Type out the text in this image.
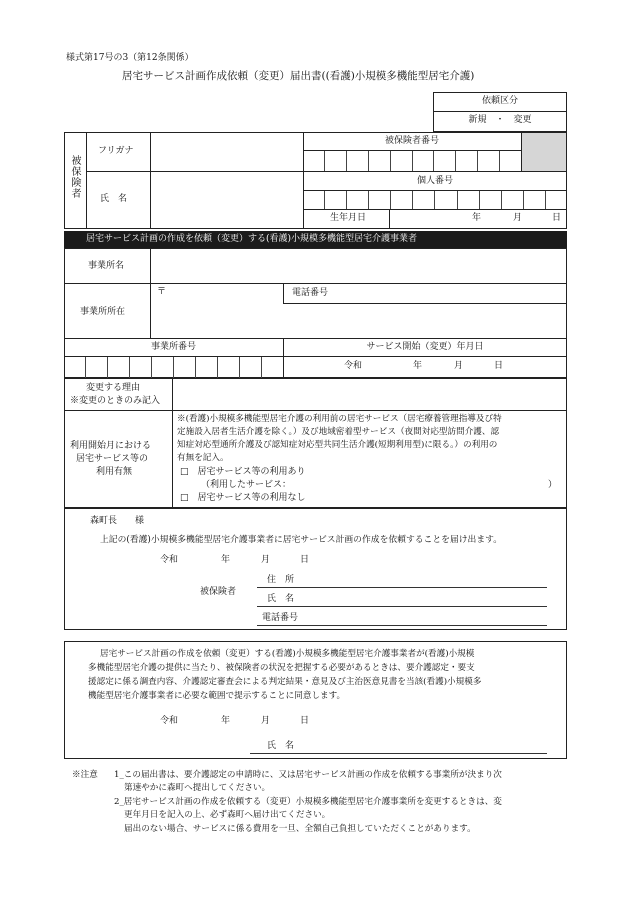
様式第17号の3（第12条関係）
居宅サービス計画作成依頼（変更）届出書((看護)小規模多機能型居宅介護)
依頼区分
新規　・　変更
被保険者
フリガナ
氏　名
被保険者番号
個人番号
生年月日	年	月	日
居宅サービス計画の作成を依頼（変更）する(看護)小規模多機能型居宅介護事業者
事業所名
事業所所在
〒	電話番号
事業所番号	サービス開始（変更）年月日
令和	年	月	日
変更する理由
※変更のときのみ記入
利用開始月における
居宅サービス等の
利用有無
※(看護)小規模多機能型居宅介護の利用前の居宅サービス（居宅療養管理指導及び特
定施設入居者生活介護を除く。）及び地域密着型サービス（夜間対応型訪問介護、認
知症対応型通所介護及び認知症対応型共同生活介護(短期利用型)に限る。）の利用の
有無を記入。
□　居宅サービス等の利用あり
（利用したサービス：	）
□　居宅サービス等の利用なし
森町長　　様
上記の(看護)小規模多機能型居宅介護事業者に居宅サービス計画の作成を依頼することを届け出ます。
令和	年	月	日
被保険者
住　所
氏　名
電話番号
居宅サービス計画の作成を依頼（変更）する(看護)小規模多機能型居宅介護事業者が(看護)小規模
多機能型居宅介護の提供に当たり、被保険者の状況を把握する必要があるときは、要介護認定・要支
援認定に係る調査内容、介護認定審査会による判定結果・意見及び主治医意見書を当該(看護)小規模多
機能型居宅介護事業者に必要な範囲で提示することに同意します。
令和	年	月	日
氏　名
※注意 1_この届出書は、要介護認定の申請時に、又は居宅サービス計画の作成を依頼する事業所が決まり次
第速やかに森町へ提出してください。
2_居宅サービス計画の作成を依頼する（変更）小規模多機能型居宅介護事業所を変更するときは、変
更年月日を記入の上、必ず森町へ届け出てください。
届出のない場合、サービスに係る費用を一旦、全額自己負担していただくことがあります。
